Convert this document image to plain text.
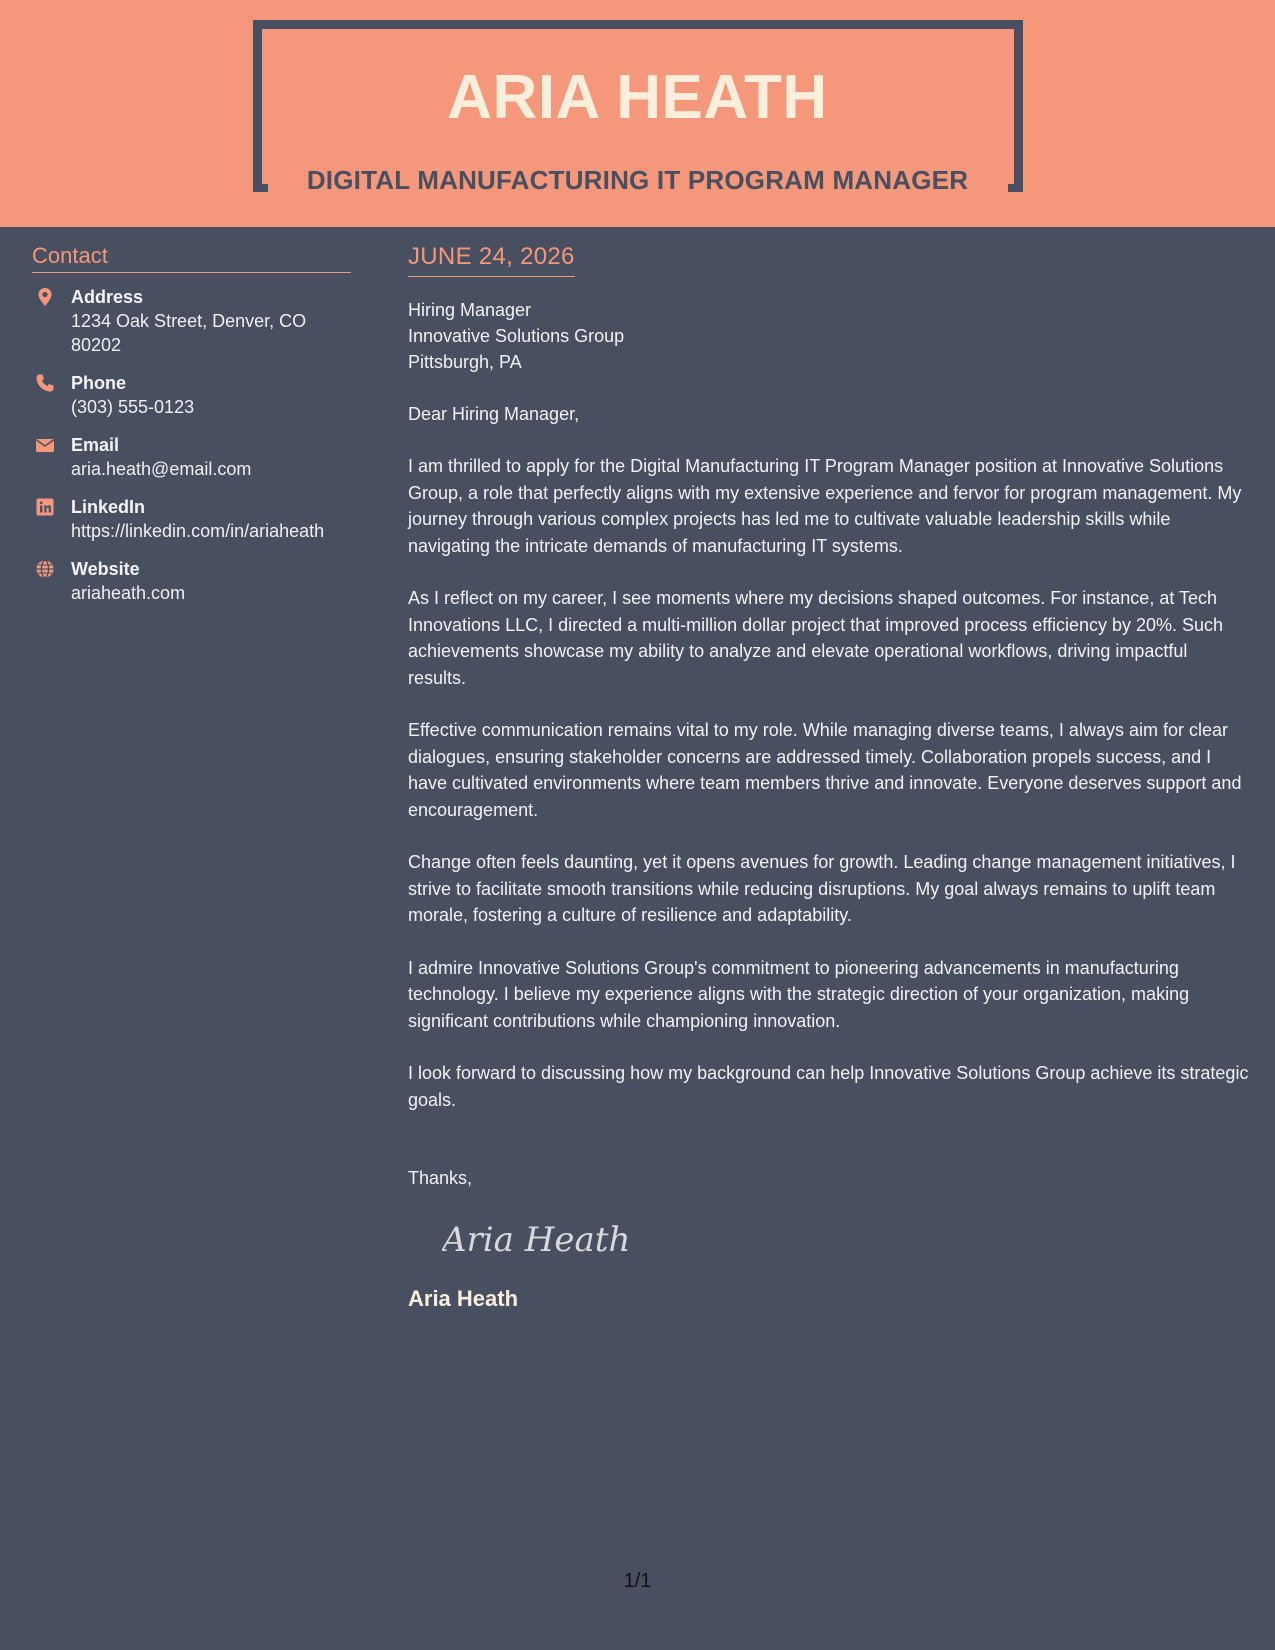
ARIA HEATH
DIGITAL MANUFACTURING IT PROGRAM MANAGER
Contact
Address
1234 Oak Street, Denver, CO 80202
Phone
(303) 555-0123
Email
aria.heath@email.com
LinkedIn
https://linkedin.com/in/ariaheath
Website
ariaheath.com
JUNE 24, 2026
Hiring Manager
Innovative Solutions Group
Pittsburgh, PA
Dear Hiring Manager,
I am thrilled to apply for the Digital Manufacturing IT Program Manager position at Innovative Solutions Group, a role that perfectly aligns with my extensive experience and fervor for program management. My journey through various complex projects has led me to cultivate valuable leadership skills while navigating the intricate demands of manufacturing IT systems.
As I reflect on my career, I see moments where my decisions shaped outcomes. For instance, at Tech Innovations LLC, I directed a multi-million dollar project that improved process efficiency by 20%. Such achievements showcase my ability to analyze and elevate operational workflows, driving impactful results.
Effective communication remains vital to my role. While managing diverse teams, I always aim for clear dialogues, ensuring stakeholder concerns are addressed timely. Collaboration propels success, and I have cultivated environments where team members thrive and innovate. Everyone deserves support and encouragement.
Change often feels daunting, yet it opens avenues for growth. Leading change management initiatives, I strive to facilitate smooth transitions while reducing disruptions. My goal always remains to uplift team morale, fostering a culture of resilience and adaptability.
I admire Innovative Solutions Group's commitment to pioneering advancements in manufacturing technology. I believe my experience aligns with the strategic direction of your organization, making significant contributions while championing innovation.
I look forward to discussing how my background can help Innovative Solutions Group achieve its strategic goals.
Thanks,
Aria Heath
Aria Heath
1/1
